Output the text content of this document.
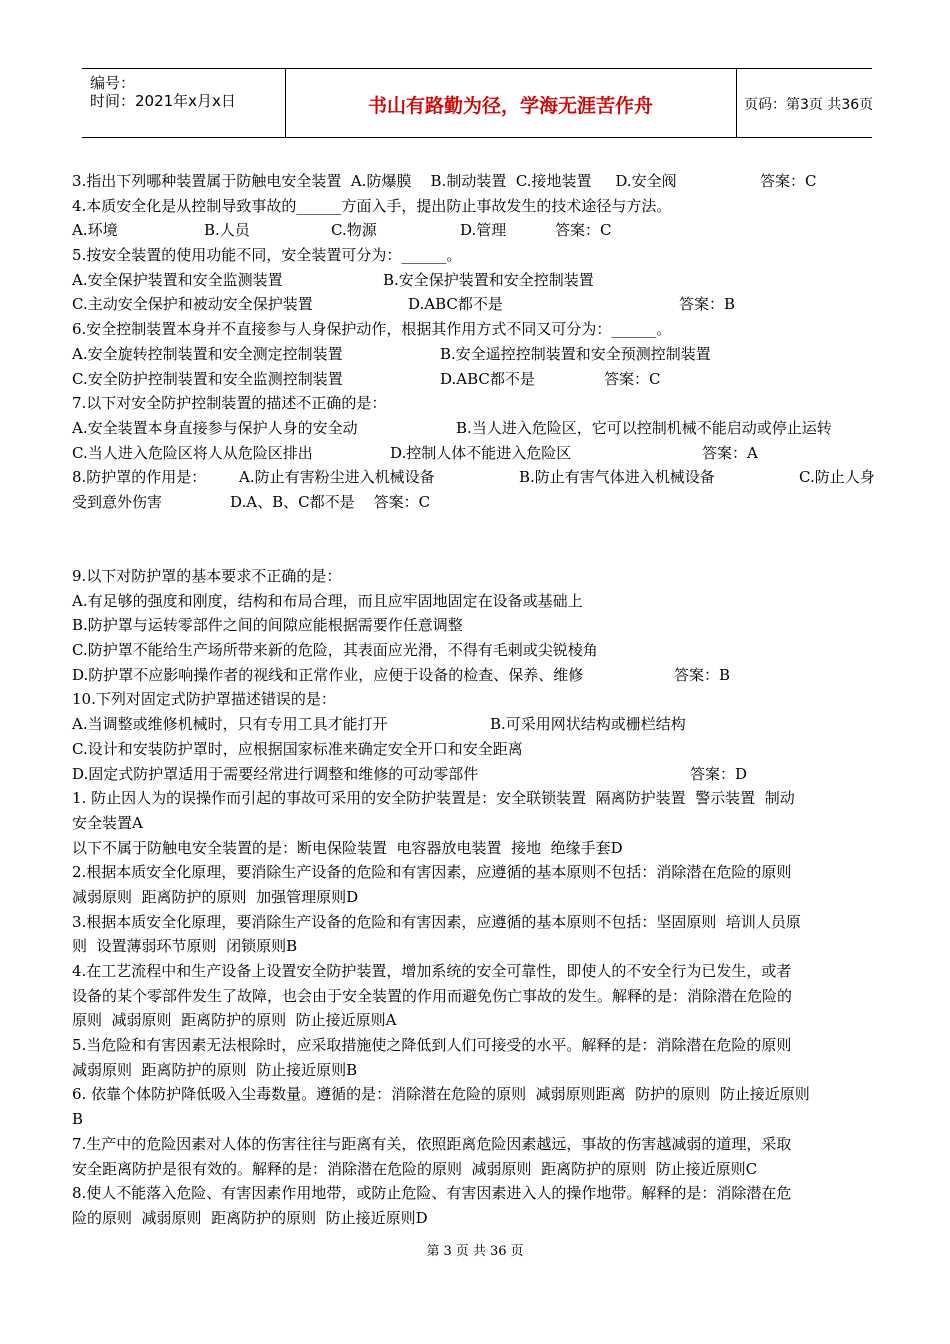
编号：
时间：2021年x月x日	书山有路勤为径，学海无涯苦作舟	页码：第3页 共36页
3.指出下列哪种装置属于防触电安全装置  A.防爆膜    B.制动装置  C.接地装置     D.安全阀	答案：C
4.本质安全化是从控制导致事故的______方面入手，提出防止事故发生的技术途径与方法。
A.环境	B.人员	C.物源	D.管理	答案：C
5.按安全装置的使用功能不同，安全装置可分为：______。
A.安全保护装置和安全监测装置	B.安全保护装置和安全控制装置
C.主动安全保护和被动安全保护装置	D.ABC都不是	答案：B
6.安全控制装置本身并不直接参与人身保护动作，根据其作用方式不同又可分为：______。
A.安全旋转控制装置和安全测定控制装置	B.安全遥控控制装置和安全预测控制装置
C.安全防护控制装置和安全监测控制装置	D.ABC都不是	答案：C
7.以下对安全防护控制装置的描述不正确的是：
A.安全装置本身直接参与保护人身的安全动	B.当人进入危险区，它可以控制机械不能启动或停止运转
C.当人进入危险区将人从危险区排出	D.控制人体不能进入危险区	答案：A
8.防护罩的作用是： A.防止有害粉尘进入机械设备	B.防止有害气体进入机械设备	C.防止人身
受到意外伤害	D.A、B、C都不是    答案：C
9.以下对防护罩的基本要求不正确的是：
A.有足够的强度和刚度，结构和布局合理，而且应牢固地固定在设备或基础上
B.防护罩与运转零部件之间的间隙应能根据需要作任意调整
C.防护罩不能给生产场所带来新的危险，其表面应光滑，不得有毛刺或尖锐棱角
D.防护罩不应影响操作者的视线和正常作业，应便于设备的检查、保养、维修	答案：B
10.下列对固定式防护罩描述错误的是：
A.当调整或维修机械时，只有专用工具才能打开	B.可采用网状结构或栅栏结构
C.设计和安装防护罩时，应根据国家标准来确定安全开口和安全距离
D.固定式防护罩适用于需要经常进行调整和维修的可动零部件	答案：D
1. 防止因人为的误操作而引起的事故可采用的安全防护装置是：安全联锁装置  隔离防护装置  警示装置  制动
安全装置A
以下不属于防触电安全装置的是：断电保险装置  电容器放电装置  接地  绝缘手套D
2.根据本质安全化原理，要消除生产设备的危险和有害因素，应遵循的基本原则不包括：消除潜在危险的原则
减弱原则  距离防护的原则  加强管理原则D
3.根据本质安全化原理，要消除生产设备的危险和有害因素，应遵循的基本原则不包括：坚固原则  培训人员原
则  设置薄弱环节原则  闭锁原则B
4.在工艺流程中和生产设备上设置安全防护装置，增加系统的安全可靠性，即使人的不安全行为已发生，或者
设备的某个零部件发生了故障，也会由于安全装置的作用而避免伤亡事故的发生。解释的是：消除潜在危险的
原则  减弱原则  距离防护的原则  防止接近原则A
5.当危险和有害因素无法根除时，应采取措施使之降低到人们可接受的水平。解释的是：消除潜在危险的原则
减弱原则  距离防护的原则  防止接近原则B
6. 依靠个体防护降低吸入尘毒数量。遵循的是：消除潜在危险的原则  减弱原则距离  防护的原则  防止接近原则
B
7.生产中的危险因素对人体的伤害往往与距离有关，依照距离危险因素越远，事故的伤害越减弱的道理，采取
安全距离防护是很有效的。解释的是：消除潜在危险的原则  减弱原则  距离防护的原则  防止接近原则C
8.使人不能落入危险、有害因素作用地带，或防止危险、有害因素进入人的操作地带。解释的是：消除潜在危
险的原则  减弱原则  距离防护的原则  防止接近原则D
第 3 页 共 36 页
